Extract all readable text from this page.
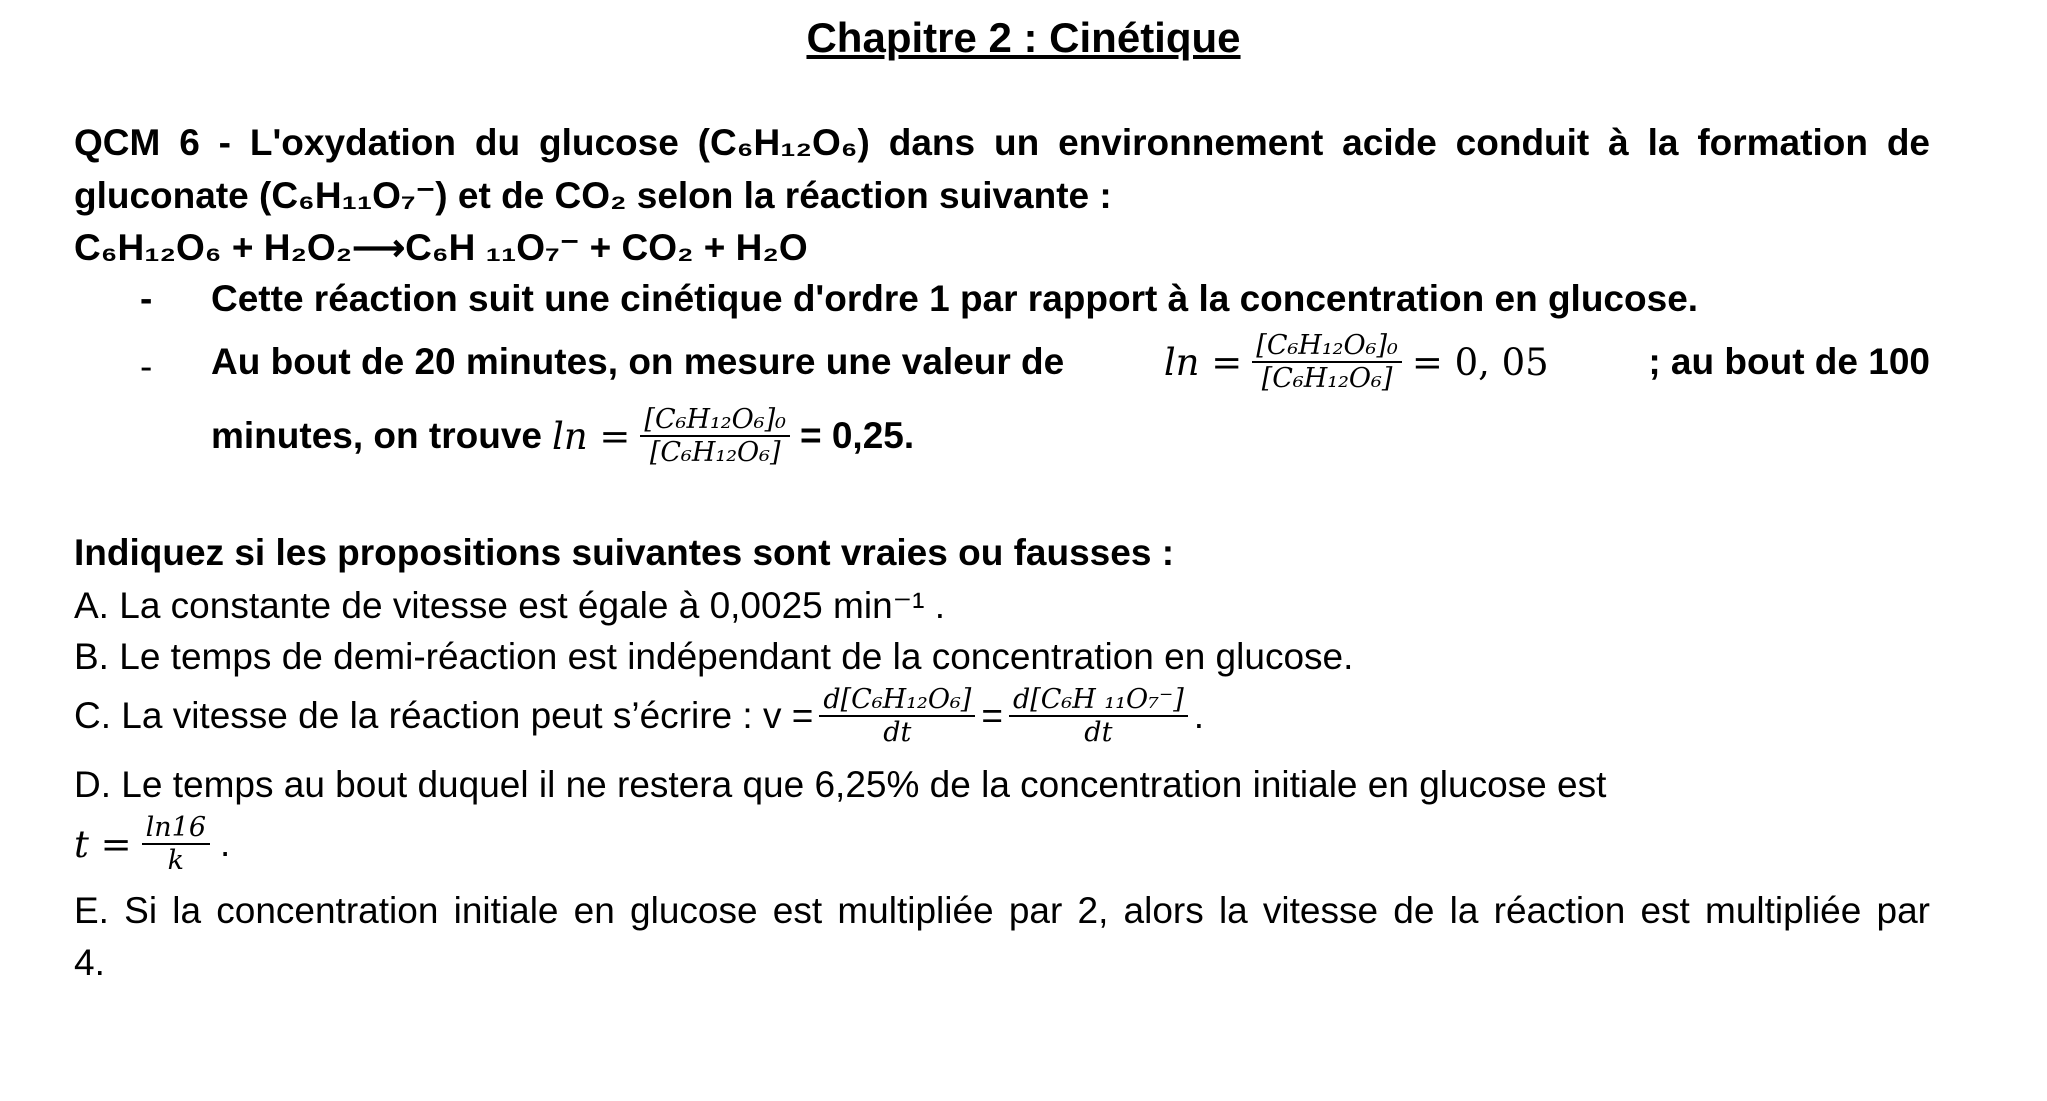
Chapitre 2 : Cinétique
QCM 6 - L'oxydation du glucose (C₆H₁₂O₆) dans un environnement acide conduit à la formation de
gluconate (C₆H₁₁O₇⁻) et de CO₂ selon la réaction suivante :
C₆H₁₂O₆ + H₂O₂⟶C₆H ₁₁O₇⁻ + CO₂ + H₂O
- Cette réaction suit une cinétique d'ordre 1 par rapport à la concentration en glucose.
- Au bout de 20 minutes, on mesure une valeur de	$\ln = \frac{\text{[C₆H₁₂O₆]₀}}{\text{[C₆H₁₂O₆]}} = 0$, 05	; au bout de 100
minutes, on trouve $\ln = \frac{\text{[C₆H₁₂O₆]₀}}{\text{[C₆H₁₂O₆]}} = 0,25$.
Indiquez si les propositions suivantes sont vraies ou fausses :
A. La constante de vitesse est égale à 0,0025 min⁻¹ .
B. Le temps de demi-réaction est indépendant de la concentration en glucose.
C. La vitesse de la réaction peut s’écrire : $v = \frac{\text{d[C₆H₁₂O₆]}}{dt} = \frac{\text{d[C₆H ₁₁O₇⁻]}}{dt}$ .
D. Le temps au bout duquel il ne restera que 6,25% de la concentration initiale en glucose est
$t = \frac{\ln 16}{k}$ .
E. Si la concentration initiale en glucose est multipliée par 2, alors la vitesse de la réaction est multipliée par
4.
